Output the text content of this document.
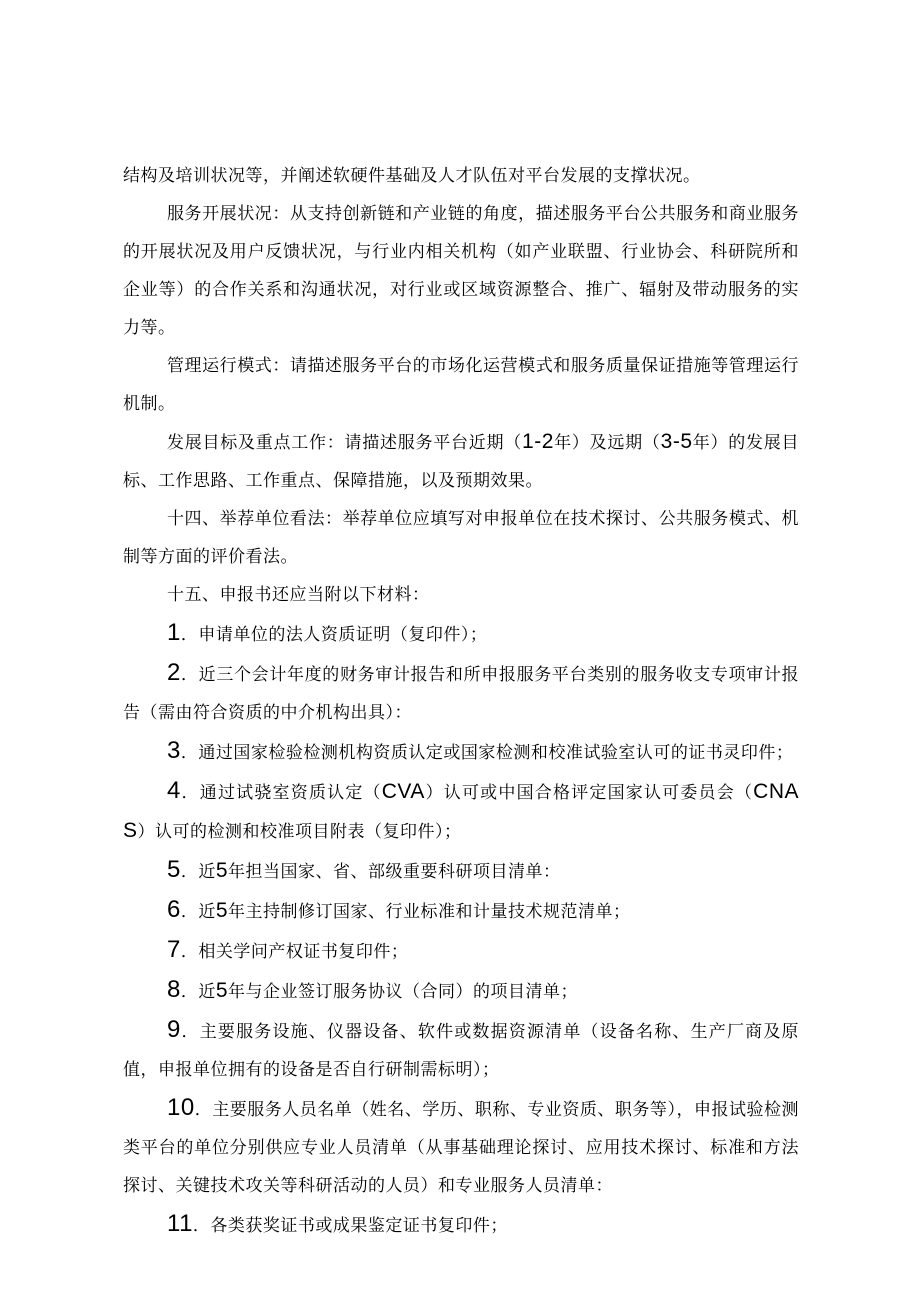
结构及培训状况等，并阐述软硬件基础及人才队伍对平台发展的支撑状况。

服务开展状况：从支持创新链和产业链的角度，描述服务平台公共服务和商业服务的开展状况及用户反馈状况，与行业内相关机构（如产业联盟、行业协会、科研院所和企业等）的合作关系和沟通状况，对行业或区域资源整合、推广、辐射及带动服务的实力等。

管理运行模式：请描述服务平台的市场化运营模式和服务质量保证措施等管理运行机制。

发展目标及重点工作：请描述服务平台近期（1-2年）及远期（3-5年）的发展目标、工作思路、工作重点、保障措施，以及预期效果。

十四、举荐单位看法：举荐单位应填写对申报单位在技术探讨、公共服务模式、机制等方面的评价看法。

十五、申报书还应当附以下材料：

1．申请单位的法人资质证明（复印件）；

2．近三个会计年度的财务审计报告和所申报服务平台类别的服务收支专项审计报告（需由符合资质的中介机构出具）：

3．通过国家检验检测机构资质认定或国家检测和校准试验室认可的证书灵印件；

4．通过试骁室资质认定（CVA）认可或中国合格评定国家认可委员会（CNAS）认可的检测和校准项目附表（复印件）；

5．近5年担当国家、省、部级重要科研项目清单：

6．近5年主持制修订国家、行业标准和计量技术规范清单；

7．相关学问产权证书复印件；

8．近5年与企业签订服务协议（合同）的项目清单；

9．主要服务设施、仪器设备、软件或数据资源清单（设备名称、生产厂商及原值，申报单位拥有的设备是否自行研制需标明）；

10．主要服务人员名单（姓名、学历、职称、专业资质、职务等），申报试验检测类平台的单位分别供应专业人员清单（从事基础理论探讨、应用技术探讨、标准和方法探讨、关键技术攻关等科研活动的人员）和专业服务人员清单：

11．各类获奖证书或成果鉴定证书复印件；
